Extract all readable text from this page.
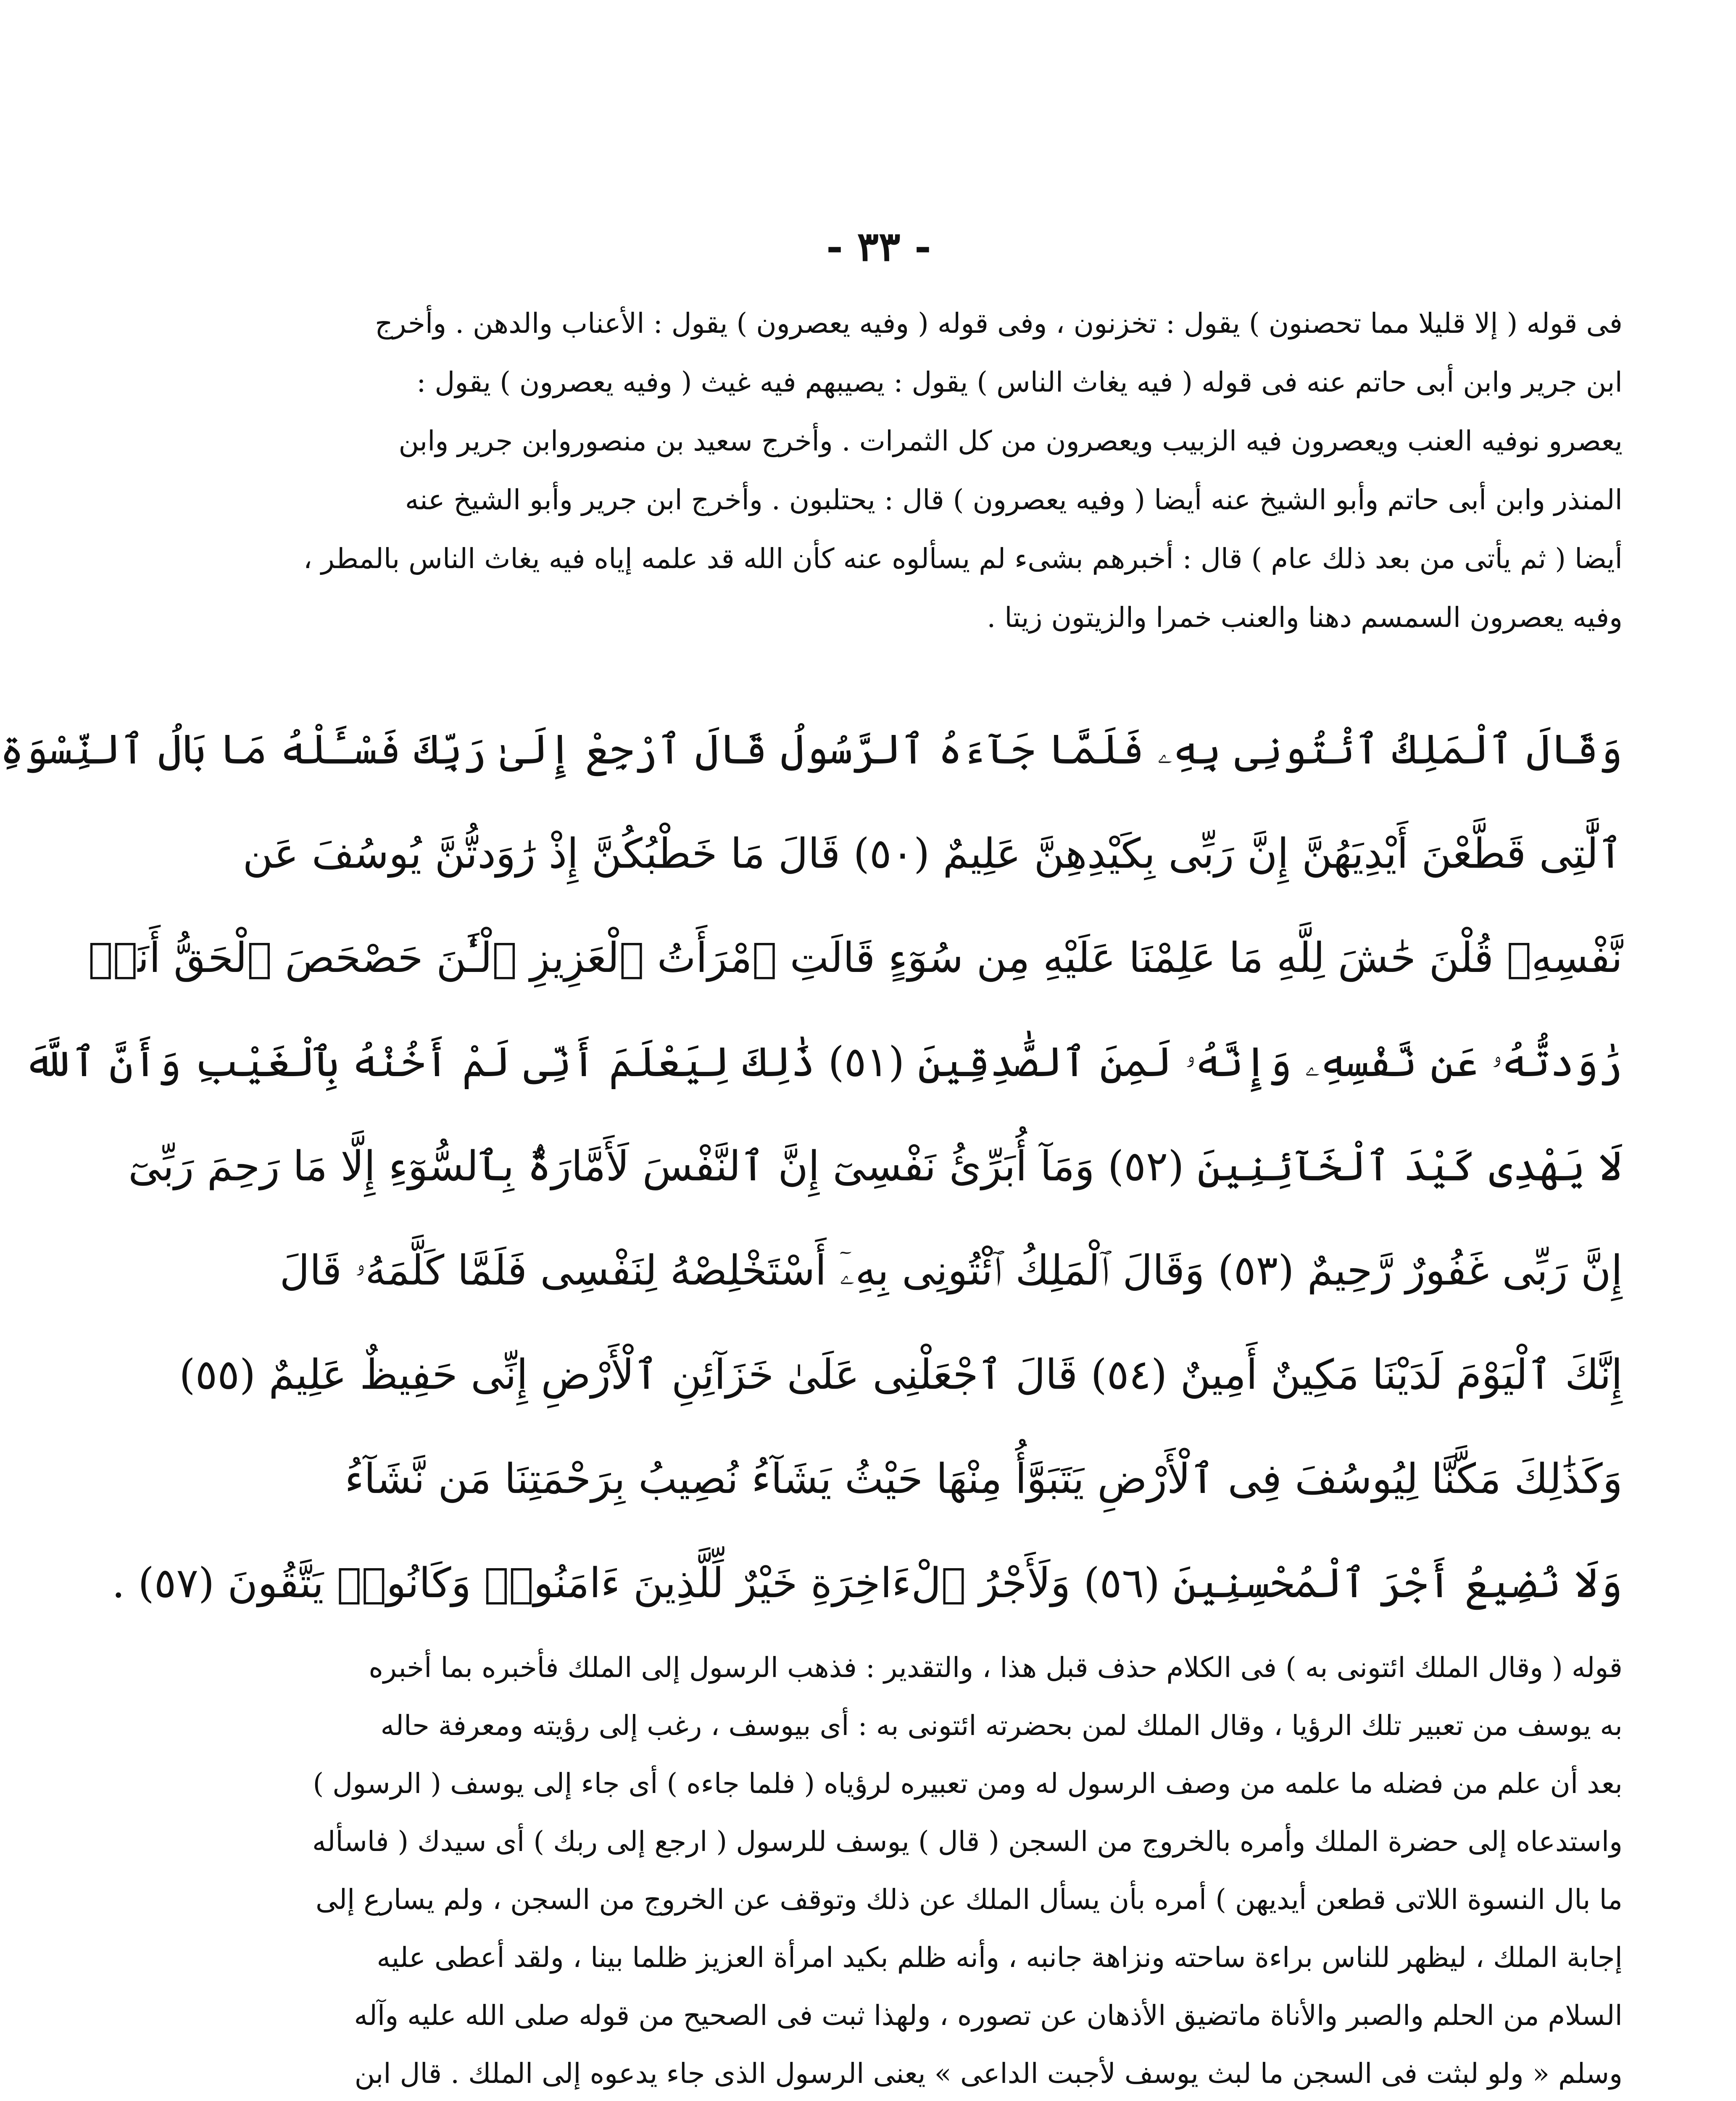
- ٣٣ -
فى قوله ( إلا قليلا مما تحصنون ) يقول : تخزنون ، وفى قوله ( وفيه يعصرون ) يقول : الأعناب والدهن . وأخرج
ابن جرير وابن أبى حاتم عنه فى قوله ( فيه يغاث الناس ) يقول : يصيبهم فيه غيث ( وفيه يعصرون ) يقول :
يعصرو نوفيه العنب ويعصرون فيه الزبيب ويعصرون من كل الثمرات . وأخرج سعيد بن منصوروابن جرير وابن
المنذر وابن أبى حاتم وأبو الشيخ عنه أيضا ( وفيه يعصرون ) قال : يحتلبون . وأخرج ابن جرير وأبو الشيخ عنه
أيضا ( ثم يأتى من بعد ذلك عام ) قال : أخبرهم بشىء لم يسألوه عنه كأن الله قد علمه إياه فيه يغاث الناس بالمطر ،
وفيه يعصرون السمسم دهنا والعنب خمرا والزيتون زيتا .
وَقَالَ ٱلْمَلِكُ ٱئْتُونِى بِهِۦ فَلَمَّا جَآءَهُ ٱلرَّسُولُ قَالَ ٱرْجِعْ إِلَىٰ رَبِّكَ فَسْـَٔلْهُ مَا بَالُ ٱلنِّسْوَةِ
ٱلَّٰتِى قَطَّعْنَ أَيْدِيَهُنَّ إِنَّ رَبِّى بِكَيْدِهِنَّ عَلِيمٌ (٥٠) قَالَ مَا خَطْبُكُنَّ إِذْ رَٰوَدتُّنَّ يُوسُفَ عَن
نَّفْسِهِۦ قُلْنَ حَٰشَ لِلَّهِ مَا عَلِمْنَا عَلَيْهِ مِن سُوٓءٍ قَالَتِ ٱمْرَأَتُ ٱلْعَزِيزِ ٱلْـَٰٔنَ حَصْحَصَ ٱلْحَقُّ أَنَا۠
رَٰوَدتُّهُۥ عَن نَّفْسِهِۦ وَإِنَّهُۥ لَمِنَ ٱلصَّٰدِقِينَ (٥١) ذَٰلِكَ لِيَعْلَمَ أَنِّى لَمْ أَخُنْهُ بِٱلْغَيْبِ وَأَنَّ ٱللَّهَ
لَا يَهْدِى كَيْدَ ٱلْخَآئِنِينَ (٥٢) وَمَآ أُبَرِّئُ نَفْسِىٓ إِنَّ ٱلنَّفْسَ لَأَمَّارَةٌۢ بِٱلسُّوٓءِ إِلَّا مَا رَحِمَ رَبِّىٓ
إِنَّ رَبِّى غَفُورٌ رَّحِيمٌ (٥٣) وَقَالَ ٱلْمَلِكُ ٱئْتُونِى بِهِۦٓ أَسْتَخْلِصْهُ لِنَفْسِى فَلَمَّا كَلَّمَهُۥ قَالَ
إِنَّكَ ٱلْيَوْمَ لَدَيْنَا مَكِينٌ أَمِينٌ (٥٤) قَالَ ٱجْعَلْنِى عَلَىٰ خَزَآئِنِ ٱلْأَرْضِ إِنِّى حَفِيظٌ عَلِيمٌ (٥٥)
وَكَذَٰلِكَ مَكَّنَّا لِيُوسُفَ فِى ٱلْأَرْضِ يَتَبَوَّأُ مِنْهَا حَيْثُ يَشَآءُ نُصِيبُ بِرَحْمَتِنَا مَن نَّشَآءُ
وَلَا نُضِيعُ أَجْرَ ٱلْمُحْسِنِينَ (٥٦) وَلَأَجْرُ ٱلْءَاخِرَةِ خَيْرٌ لِّلَّذِينَ ءَامَنُوا۟ وَكَانُوا۟ يَتَّقُونَ (٥٧) .
قوله ( وقال الملك ائتونى به ) فى الكلام حذف قبل هذا ، والتقدير : فذهب الرسول إلى الملك فأخبره بما أخبره
به يوسف من تعبير تلك الرؤيا ، وقال الملك لمن بحضرته ائتونى به : أى بيوسف ، رغب إلى رؤيته ومعرفة حاله
بعد أن علم من فضله ما علمه من وصف الرسول له ومن تعبيره لرؤياه ( فلما جاءه ) أى جاء إلى يوسف ( الرسول )
واستدعاه إلى حضرة الملك وأمره بالخروج من السجن ( قال ) يوسف للرسول ( ارجع إلى ربك ) أى سيدك ( فاسأله
ما بال النسوة اللاتى قطعن أيديهن ) أمره بأن يسأل الملك عن ذلك وتوقف عن الخروج من السجن ، ولم يسارع إلى
إجابة الملك ، ليظهر للناس براءة ساحته ونزاهة جانبه ، وأنه ظلم بكيد امرأة العزيز ظلما بينا ، ولقد أعطى عليه
السلام من الحلم والصبر والأناة ماتضيق الأذهان عن تصوره ، ولهذا ثبت فى الصحيح من قوله صلى الله عليه وآله
وسلم « ولو لبثت فى السجن ما لبث يوسف لأجبت الداعى » يعنى الرسول الذى جاء يدعوه إلى الملك . قال ابن
